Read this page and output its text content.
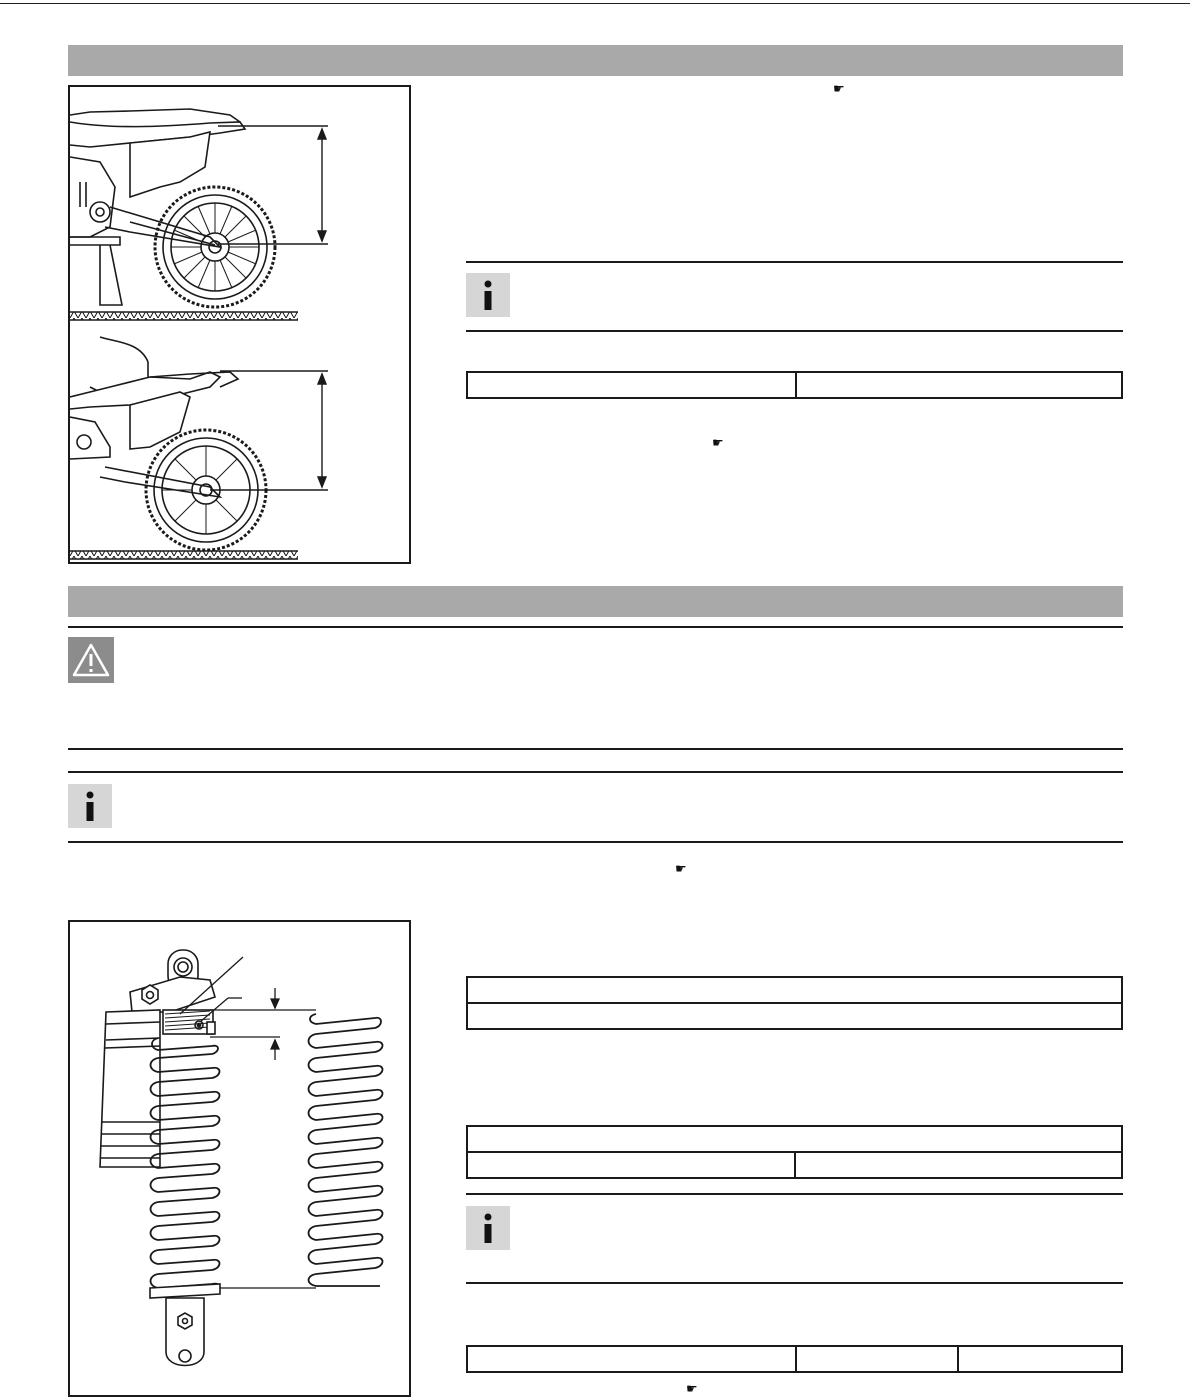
☛

☛
☛

☛
